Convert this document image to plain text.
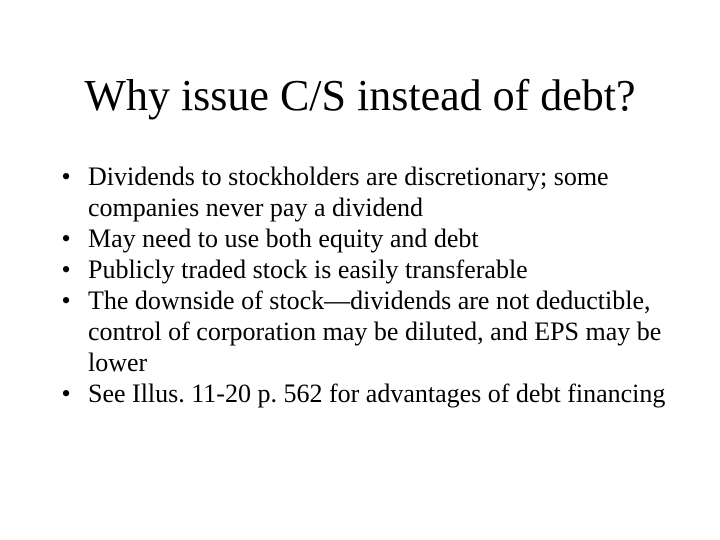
Why issue C/S instead of debt?
• Dividends to stockholders are discretionary; some companies never pay a dividend
• May need to use both equity and debt
• Publicly traded stock is easily transferable
• The downside of stock—dividends are not deductible, control of corporation may be diluted, and EPS may be lower
• See Illus. 11-20 p. 562 for advantages of debt financing
